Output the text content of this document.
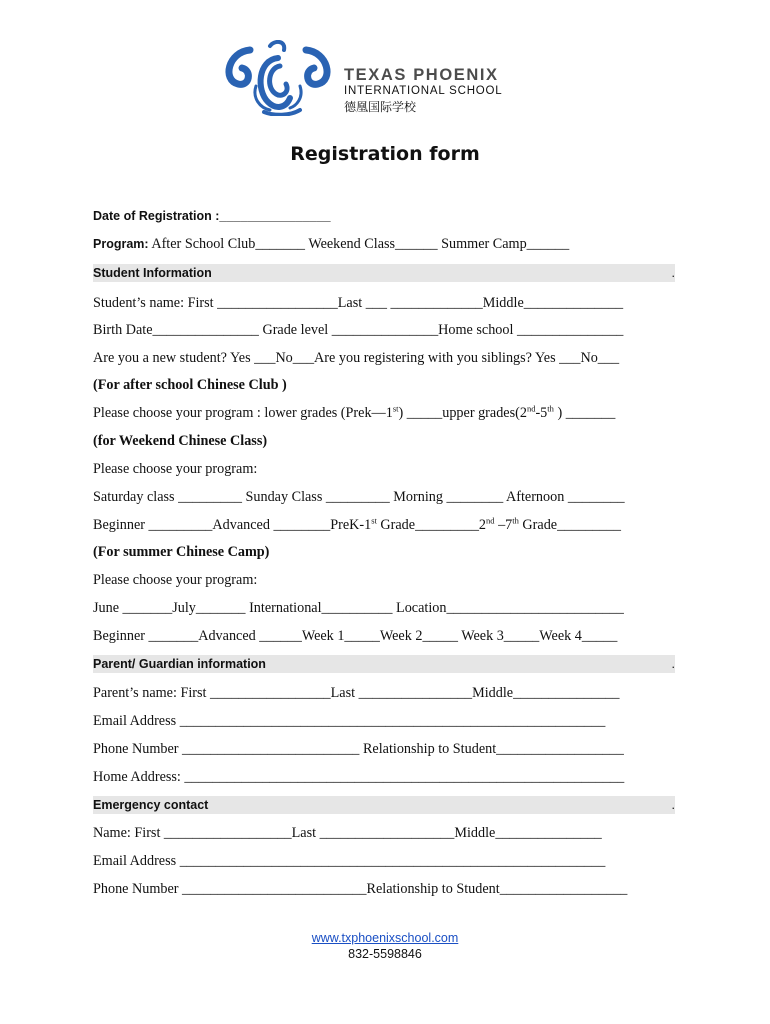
TEXAS PHOENIX
INTERNATIONAL SCHOOL
德凰国际学校
Registration form
Date of Registration :________________
Program: After School Club_______ Weekend Class______ Summer Camp______
Student Information	.
Student’s name: First _________________Last ___ _____________Middle______________
Birth Date_______________ Grade level _______________Home school _______________
Are you a new student? Yes ___No___Are you registering with you siblings? Yes ___No___
(For after school Chinese Club )
Please choose your program : lower grades (Prek—1st) _____upper grades(2nd-5th ) _______
(for Weekend Chinese Class)
Please choose your program:
Saturday class _________ Sunday Class _________ Morning ________ Afternoon ________
Beginner _________Advanced ________PreK-1st Grade_________2nd –7th Grade_________
(For summer Chinese Camp)
Please choose your program:
June _______July_______ International__________ Location_________________________
Beginner _______Advanced ______Week 1_____Week 2_____ Week 3_____Week 4_____
Parent/ Guardian information	.
Parent’s name: First _________________Last ________________Middle_______________
Email Address ____________________________________________________________
Phone Number _________________________ Relationship to Student__________________
Home Address: ______________________________________________________________
Emergency contact	.
Name: First __________________Last ___________________Middle_______________
Email Address ____________________________________________________________
Phone Number __________________________Relationship to Student__________________
www.txphoenixschool.com
832-5598846
